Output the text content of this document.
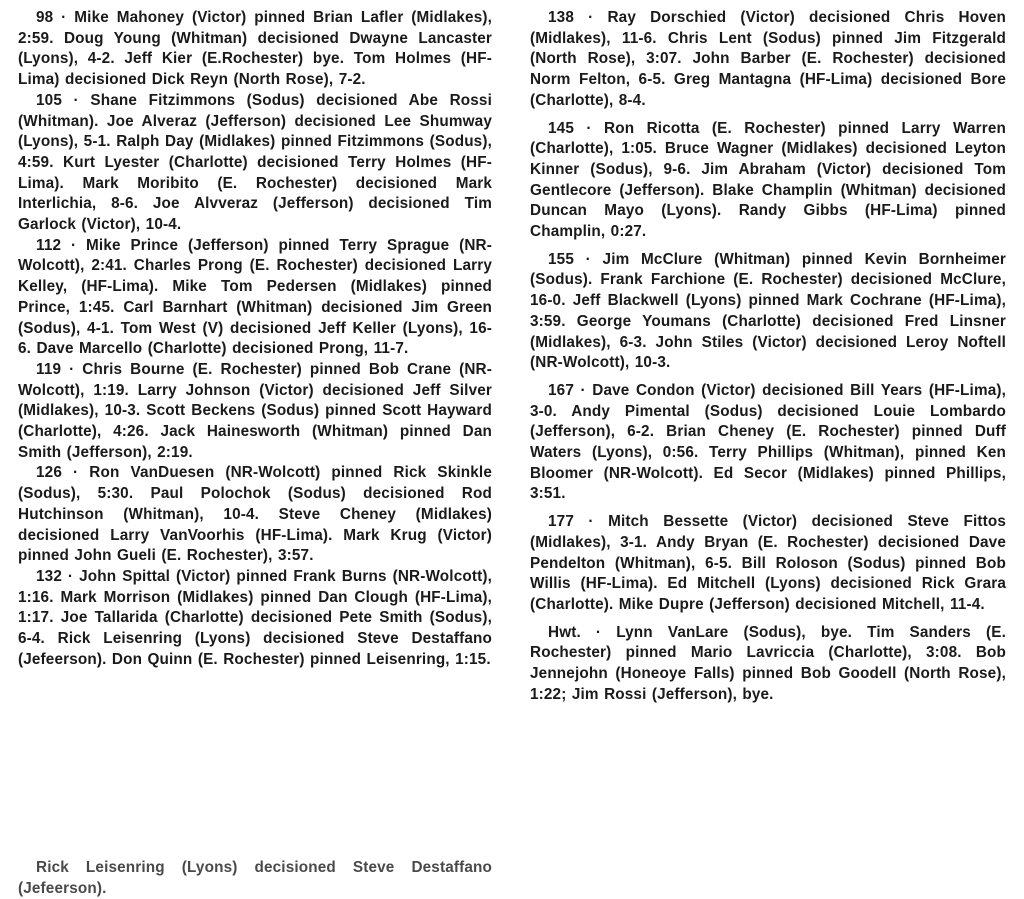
98 · Mike Mahoney (Victor) pinned Brian Lafler (Midlakes), 2:59. Doug Young (Whitman) decisioned Dwayne Lancaster (Lyons), 4-2. Jeff Kier (E.Rochester) bye. Tom Holmes (HF-Lima) decisioned Dick Reyn (North Rose), 7-2.

105 · Shane Fitzimmons (Sodus) decisioned Abe Rossi (Whitman). Joe Alveraz (Jefferson) decisioned Lee Shumway (Lyons), 5-1. Ralph Day (Midlakes) pinned Fitzimmons (Sodus), 4:59. Kurt Lyester (Charlotte) decisioned Terry Holmes (HF-Lima). Mark Moribito (E. Rochester) decisioned Mark Interlichia, 8-6. Joe Alvveraz (Jefferson) decisioned Tim Garlock (Victor), 10-4.

112 · Mike Prince (Jefferson) pinned Terry Sprague (NR-Wolcott), 2:41. Charles Prong (E. Rochester) decisioned Larry Kelley, (HF-Lima). Mike Tom Pedersen (Midlakes) pinned Prince, 1:45. Carl Barnhart (Whitman) decisioned Jim Green (Sodus), 4-1. Tom West (V) decisioned Jeff Keller (Lyons), 16-6. Dave Marcello (Charlotte) decisioned Prong, 11-7.

119 · Chris Bourne (E. Rochester) pinned Bob Crane (NR-Wolcott), 1:19. Larry Johnson (Victor) decisioned Jeff Silver (Midlakes), 10-3. Scott Beckens (Sodus) pinned Scott Hayward (Charlotte), 4:26. Jack Hainesworth (Whitman) pinned Dan Smith (Jefferson), 2:19.

126 · Ron VanDuesen (NR-Wolcott) pinned Rick Skinkle (Sodus), 5:30. Paul Polochok (Sodus) decisioned Rod Hutchinson (Whitman), 10-4. Steve Cheney (Midlakes) decisioned Larry VanVoorhis (HF-Lima). Mark Krug (Victor) pinned John Gueli (E. Rochester), 3:57.

132 · John Spittal (Victor) pinned Frank Burns (NR-Wolcott), 1:16. Mark Morrison (Midlakes) pinned Dan Clough (HF-Lima), 1:17. Joe Tallarida (Charlotte) decisioned Pete Smith (Sodus), 6-4. Rick Leisenring (Lyons) decisioned Steve Destaffano (Jefeerson). Don Quinn (E. Rochester) pinned Leisenring, 1:15.

138 · Ray Dorschied (Victor) decisioned Chris Hoven (Midlakes), 11-6. Chris Lent (Sodus) pinned Jim Fitzgerald (North Rose), 3:07. John Barber (E. Rochester) decisioned Norm Felton, 6-5. Greg Mantagna (HF-Lima) decisioned Bore (Charlotte), 8-4.

145 · Ron Ricotta (E. Rochester) pinned Larry Warren (Charlotte), 1:05. Bruce Wagner (Midlakes) decisioned Leyton Kinner (Sodus), 9-6. Jim Abraham (Victor) decisioned Tom Gentlecore (Jefferson). Blake Champlin (Whitman) decisioned Duncan Mayo (Lyons). Randy Gibbs (HF-Lima) pinned Champlin, 0:27.

155 · Jim McClure (Whitman) pinned Kevin Bornheimer (Sodus). Frank Farchione (E. Rochester) decisioned McClure, 16-0. Jeff Blackwell (Lyons) pinned Mark Cochrane (HF-Lima), 3:59. George Youmans (Charlotte) decisioned Fred Linsner (Midlakes), 6-3. John Stiles (Victor) decisioned Leroy Noftell (NR-Wolcott), 10-3.

167 · Dave Condon (Victor) decisioned Bill Years (HF-Lima), 3-0. Andy Pimental (Sodus) decisioned Louie Lombardo (Jefferson), 6-2. Brian Cheney (E. Rochester) pinned Duff Waters (Lyons), 0:56. Terry Phillips (Whitman), pinned Ken Bloomer (NR-Wolcott). Ed Secor (Midlakes) pinned Phillips, 3:51.

177 · Mitch Bessette (Victor) decisioned Steve Fittos (Midlakes), 3-1. Andy Bryan (E. Rochester) decisioned Dave Pendelton (Whitman), 6-5. Bill Roloson (Sodus) pinned Bob Willis (HF-Lima). Ed Mitchell (Lyons) decisioned Rick Grara (Charlotte). Mike Dupre (Jefferson) decisioned Mitchell, 11-4.

Hwt. · Lynn VanLare (Sodus), bye. Tim Sanders (E. Rochester) pinned Mario Lavriccia (Charlotte), 3:08. Bob Jennejohn (Honeoye Falls) pinned Bob Goodell (North Rose), 1:22; Jim Rossi (Jefferson), bye.

Rick Leisenring (Lyons) decisioned Steve Destaffano (Jefeerson).
